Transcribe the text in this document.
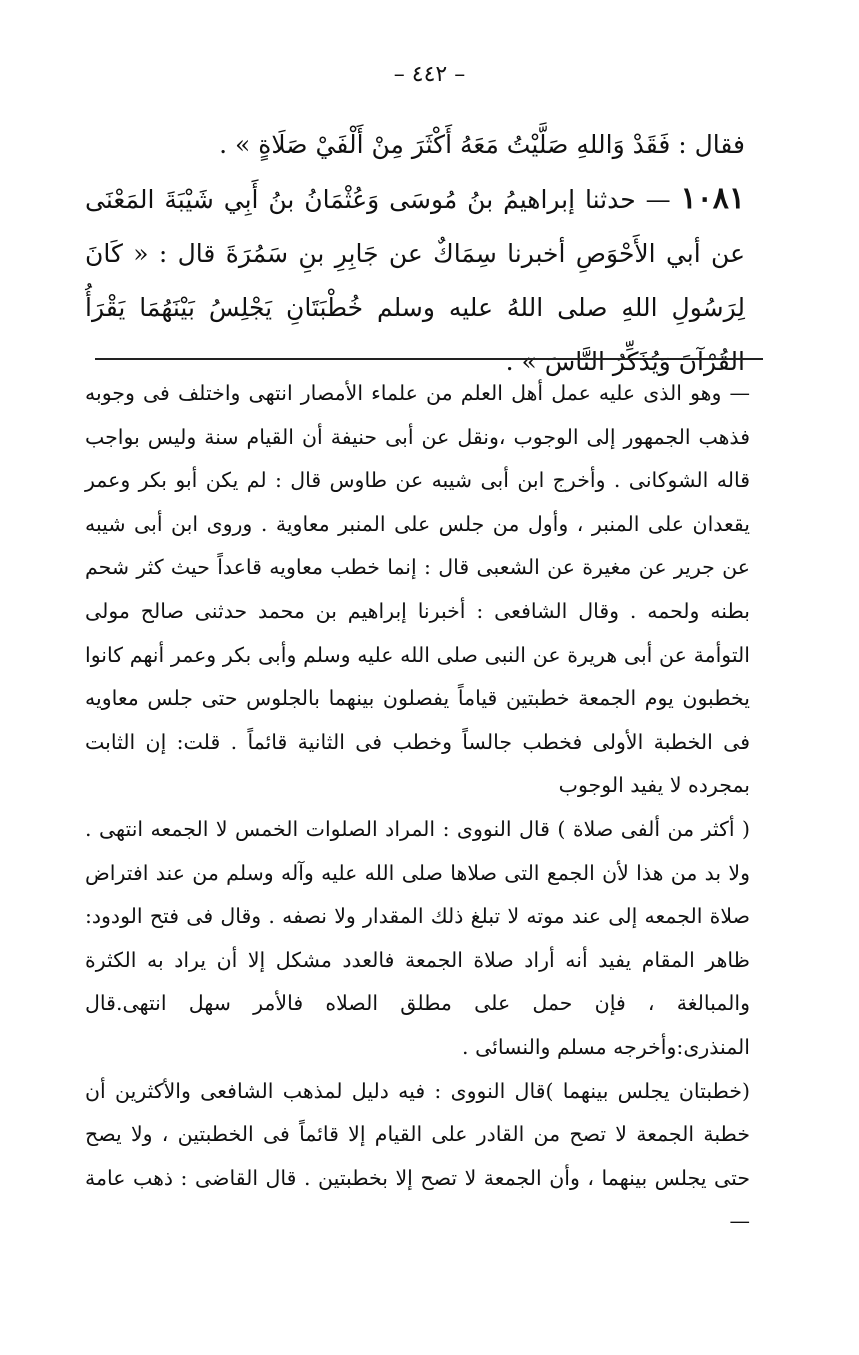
– ٤٤٢ –

فقال : فَقَدْ وَاللهِ صَلَّيْتُ مَعَهُ أَكْثَرَ مِنْ أَلْفَيْ صَلَاةٍ » .

١٠٨١ — حدثنا إبراهيمُ بنُ مُوسَى وَعُثْمَانُ بنُ أَبِي شَيْبَةَ المَعْنَى عن أبي الأَحْوَصِ أخبرنا سِمَاكٌ عن جَابِرِ بنِ سَمُرَةَ قال : « كَانَ لِرَسُولِ اللهِ صلى اللهُ عليه وسلم خُطْبَتَانِ يَجْلِسُ بَيْنَهُمَا يَقْرَأُ القُرْآنَ وَيُذَكِّرُ النَّاسَ » .

— وهو الذى عليه عمل أهل العلم من علماء الأمصار انتهى واختلف فى وجوبه فذهب الجمهور إلى الوجوب ،ونقل عن أبى حنيفة أن القيام سنة وليس بواجب قاله الشوكانى . وأخرج ابن أبى شيبه عن طاوس قال : لم يكن أبو بكر وعمر يقعدان على المنبر ، وأول من جلس على المنبر معاوية . وروى ابن أبى شيبه عن جرير عن مغيرة عن الشعبى قال : إنما خطب معاويه قاعداً حيث كثر شحم بطنه ولحمه . وقال الشافعى : أخبرنا إبراهيم بن محمد حدثنى صالح مولى التوأمة عن أبى هريرة عن النبى صلى الله عليه وسلم وأبى بكر وعمر أنهم كانوا يخطبون يوم الجمعة خطبتين قياماً يفصلون بينهما بالجلوس حتى جلس معاويه فى الخطبة الأولى فخطب جالساً وخطب فى الثانية قائماً . قلت: إن الثابت بمجرده لا يفيد الوجوب

( أكثر من ألفى صلاة ) قال النووى : المراد الصلوات الخمس لا الجمعه انتهى . ولا بد من هذا لأن الجمع التى صلاها صلى الله عليه وآله وسلم من عند افتراض صلاة الجمعه إلى عند موته لا تبلغ ذلك المقدار ولا نصفه . وقال فى فتح الودود: ظاهر المقام يفيد أنه أراد صلاة الجمعة فالعدد مشكل إلا أن يراد به الكثرة والمبالغة ، فإن حمل على مطلق الصلاه فالأمر سهل انتهى.قال المنذرى:وأخرجه مسلم والنسائى .

(خطبتان يجلس بينهما )قال النووى : فيه دليل لمذهب الشافعى والأكثرين أن خطبة الجمعة لا تصح من القادر على القيام إلا قائماً فى الخطبتين ، ولا يصح حتى يجلس بينهما ، وأن الجمعة لا تصح إلا بخطبتين . قال القاضى : ذهب عامة —
